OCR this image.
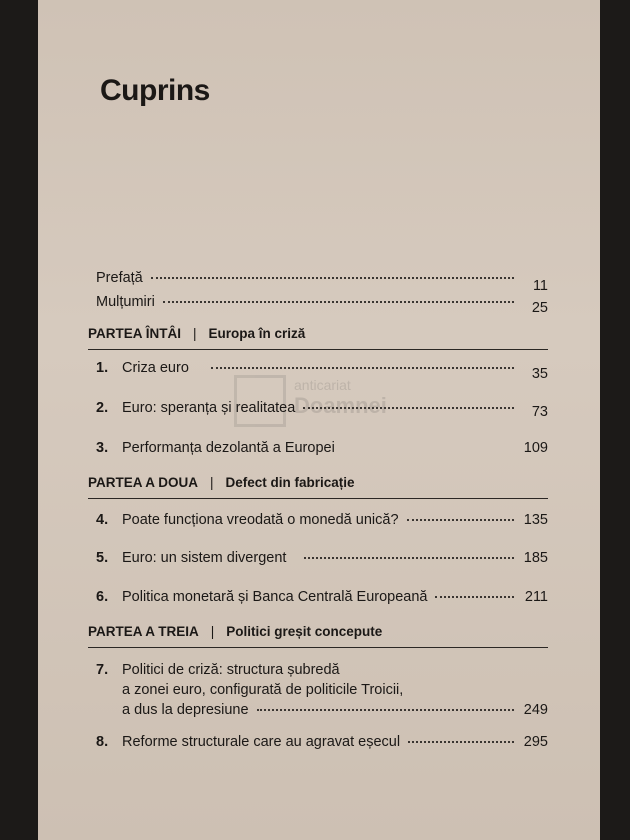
Cuprins
anticariat
Doamnei
Prefață	11
Mulțumiri	25
PARTEA ÎNTÂI | Europa în criză
1. Criza euro	35
2. Euro: speranța și realitatea	73
3. Performanța dezolantă a Europei	109
PARTEA A DOUA | Defect din fabricație
4. Poate funcționa vreodată o monedă unică?	135
5. Euro: un sistem divergent	185
6. Politica monetară și Banca Centrală Europeană	211
PARTEA A TREIA | Politici greșit concepute
7. Politici de criză: structura șubredă
a zonei euro, configurată de politicile Troicii,
a dus la depresiune	249
8. Reforme structurale care au agravat eșecul	295
